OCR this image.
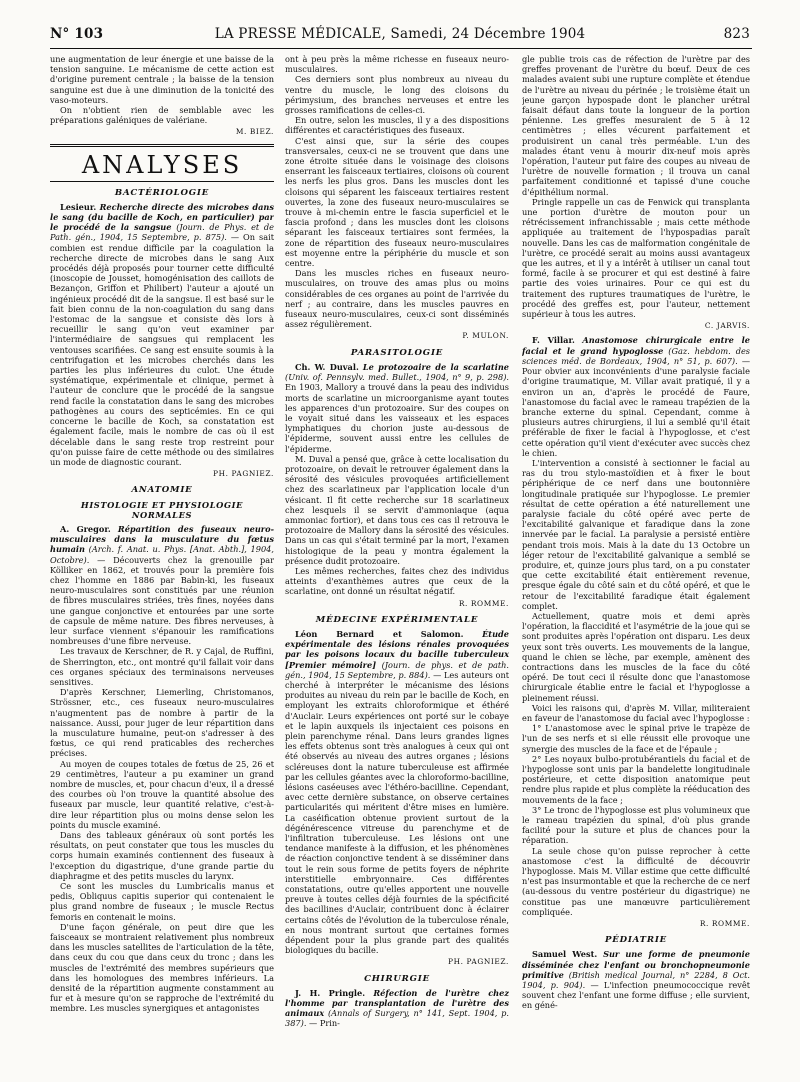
N° 103	LA PRESSE MÉDICALE, Samedi, 24 Décembre 1904	823

une augmentation de leur énergie et une baisse de la tension sanguine. Le mécanisme de cette action est d'origine purement centrale ; la baisse de la tension sanguine est due à une diminution de la tonicité des vaso-moteurs.

On n'obtient rien de semblable avec les préparations galéniques de valériane.

M. BIEZ.
ANALYSES
BACTÉRIOLOGIE

Lesieur. Recherche directe des microbes dans le sang (du bacille de Koch, en particulier) par le procédé de la sangsue (Journ. de Phys. et de Path. gén., 1904, 15 Septembre, p. 875). — On sait combien est rendue difficile par la coagulation la recherche directe de microbes dans le sang Aux procédés déjà proposés pour tourner cette difficulté (inoscopie de Jousset, homogénisation des caillots de Bezançon, Griffon et Philibert) l'auteur a ajouté un ingénieux procédé dit de la sangsue. Il est basé sur le fait bien connu de la non-coagulation du sang dans l'estomac de la sangsue et consiste dès lors à recueillir le sang qu'on veut examiner par l'intermédiaire de sangsues qui remplacent les ventouses scarifiées. Ce sang est ensuite soumis à la centrifugation et les microbes cherchés dans les parties les plus inférieures du culot. Une étude systématique, expérimentale et clinique, permet à l'auteur de conclure que le procédé de la sangsue rend facile la constatation dans le sang des microbes pathogènes au cours des septicémies. En ce qui concerne le bacille de Koch, sa constatation est également facile, mais le nombre de cas où il est décelable dans le sang reste trop restreint pour qu'on puisse faire de cette méthode ou des similaires un mode de diagnostic courant.

PH. PAGNIEZ.
ANATOMIE
HISTOLOGIE ET PHYSIOLOGIE NORMALES

A. Gregor. Répartition des fuseaux neuro-musculaires dans la musculature du fœtus humain (Arch. f. Anat. u. Phys. [Anat. Abth.], 1904, Octobre). — Découverts chez la grenouille par Kölliker en 1862, et trouvés pour la première fois chez l'homme en 1886 par Babin-ki, les fuseaux neuro-musculaires sont constitués par une réunion de fibres musculaires striées, très fines, noyées dans une gangue conjonctive et entourées par une sorte de capsule de même nature. Des fibres nerveuses, à leur surface viennent s'épanouir les ramifications nombreuses d'une fibre nerveuse.

Les travaux de Kerschner, de R. y Cajal, de Ruffini, de Sherrington, etc., ont montré qu'il fallait voir dans ces organes spéciaux des terminaisons nerveuses sensitives.

D'après Kerschner, Liemerling, Christomanos, Strössner, etc., ces fuseaux neuro-musculaires n'augmentent pas de nombre à partir de la naissance. Aussi, pour juger de leur répartition dans la musculature humaine, peut-on s'adresser à des fœtus, ce qui rend praticables des recherches précises.

Au moyen de coupes totales de fœtus de 25, 26 et 29 centimètres, l'auteur a pu examiner un grand nombre de muscles, et, pour chacun d'eux, il a dressé des courbes où l'on trouve la quantité absolue des fuseaux par muscle, leur quantité relative, c'est-à-dire leur répartition plus ou moins dense selon les points du muscle examiné.

Dans des tableaux généraux où sont portés les résultats, on peut constater que tous les muscles du corps humain examinés contiennent des fuseaux à l'exception du digastrique, d'une grande partie du diaphragme et des petits muscles du larynx.

Ce sont les muscles du Lumbricalis manus et pedis, Obliquus capitis superior qui contenaient le plus grand nombre de fuseaux ; le muscle Rectus femoris en contenait le moins.

D'une façon générale, on peut dire que les faisceaux se montraient relativement plus nombreux dans les muscles satellites de l'articulation de la tête, dans ceux du cou que dans ceux du tronc ; dans les muscles de l'extrémité des membres supérieurs que dans les homologues des membres inférieurs. La densité de la répartition augmente constamment au fur et à mesure qu'on se rapproche de l'extrémité du membre. Les muscles synergiques et antagonistes

ont à peu près la même richesse en fuseaux neuro-musculaires.

Ces derniers sont plus nombreux au niveau du ventre du muscle, le long des cloisons du périmysium, des branches nerveuses et entre les grosses ramifications de celles-ci.

En outre, selon les muscles, il y a des dispositions différentes et caractéristiques des fuseaux.

C'est ainsi que, sur la série des coupes transversales, ceux-ci ne se trouvent que dans une zone étroite située dans le voisinage des cloisons enserrant les faisceaux tertiaires, cloisons où courent les nerfs les plus gros. Dans les muscles dont les cloisons qui séparent les faisceaux tertiaires restent ouvertes, la zone des fuseaux neuro-musculaires se trouve à mi-chemin entre le fascia superficiel et le fascia profond ; dans les muscles dont les cloisons séparant les faisceaux tertiaires sont fermées, la zone de répartition des fuseaux neuro-musculaires est moyenne entre la périphérie du muscle et son centre.

Dans les muscles riches en fuseaux neuro-musculaires, on trouve des amas plus ou moins considérables de ces organes au point de l'arrivée du nerf ; au contraire, dans les muscles pauvres en fuseaux neuro-musculaires, ceux-ci sont disséminés assez régulièrement.

P. MULON.
PARASITOLOGIE

Ch. W. Duval. Le protozoaire de la scarlatine (Univ. of. Pennsylv. med. Bullet., 1904, n° 9, p. 298). En 1903, Mallory a trouvé dans la peau des individus morts de scarlatine un microorganisme ayant toutes les apparences d'un protozoaire. Sur des coupes on le voyait situé dans les vaisseaux et les espaces lymphatiques du chorion juste au-dessous de l'épiderme, souvent aussi entre les cellules de l'épiderme.

M. Duval a pensé que, grâce à cette localisation du protozoaire, on devait le retrouver également dans la sérosité des vésicules provoquées artificiellement chez des scarlatineux par l'application locale d'un vésicant. Il fit cette recherche sur 18 scarlatineux chez lesquels il se servit d'ammoniaque (aqua ammoniac fortior), et dans tous ces cas il retrouva le protozoaire de Mallory dans la sérosité des vésicules. Dans un cas qui s'était terminé par la mort, l'examen histologique de la peau y montra également la présence dudit protozoaire.

Les mêmes recherches, faites chez des individus atteints d'exanthèmes autres que ceux de la scarlatine, ont donné un résultat négatif.

R. ROMME.
MÉDECINE EXPÉRIMENTALE

Léon Bernard et Salomon. Étude expérimentale des lésions rénales provoquées par les poisons locaux du bacille tuberculeux [Premier mémoire] (Journ. de phys. et de path. gén., 1904, 15 Septembre, p. 884). — Les auteurs ont cherché à interpréter le mécanisme des lésions produites au niveau du rein par le bacille de Koch, en employant les extraits chloroformique et éthéré d'Auclair. Leurs expériences ont porté sur le cobaye et le lapin auxquels ils injectaient ces poisons en plein parenchyme rénal. Dans leurs grandes lignes les effets obtenus sont très analogues à ceux qui ont été observés au niveau des autres organes ; lésions scléreuses dont la nature tuberculeuse est affirmée par les cellules géantes avec la chloroformo-bacilline, lésions caséeuses avec l'éthéro-bacilline. Cependant, avec cette dernière substance, on observe certaines particularités qui méritent d'être mises en lumière. La caséification obtenue provient surtout de la dégénérescence vitreuse du parenchyme et de l'infiltration tuberculeuse. Les lésions ont une tendance manifeste à la diffusion, et les phénomènes de réaction conjonctive tendent à se disséminer dans tout le rein sous forme de petits foyers de néphrite interstitielle embryonnaire. Ces différentes constatations, outre qu'elles apportent une nouvelle preuve à toutes celles déjà fournies de la spécificité des bacillines d'Auclair, contribuent donc à éclairer certains côtés de l'évolution de la tuberculose rénale, en nous montrant surtout que certaines formes dépendent pour la plus grande part des qualités biologiques du bacille.

PH. PAGNIEZ.
CHIRURGIE

J. H. Pringle. Réfection de l'urètre chez l'homme par transplantation de l'urètre des animaux (Annals of Surgery, n° 141, Sept. 1904, p. 387). — Prin-

gle publie trois cas de réfection de l'urètre par des greffes provenant de l'urètre du bœuf. Deux de ces malades avaient subi une rupture complète et étendue de l'urètre au niveau du périnée ; le troisième était un jeune garçon hypospade dont le plancher urétral faisait défaut dans toute la longueur de la portion pénienne. Les greffes mesuraient de 5 à 12 centimètres ; elles vécurent parfaitement et produisirent un canal très perméable. L'un des malades étant venu à mourir dix-neuf mois après l'opération, l'auteur put faire des coupes au niveau de l'urètre de nouvelle formation ; il trouva un canal parfaitement conditionné et tapissé d'une couche d'épithélium normal.

Pringle rappelle un cas de Fenwick qui transplanta une portion d'urètre de mouton pour un rétrécissement infranchissable ; mais cette méthode appliquée au traitement de l'hypospadias paraît nouvelle. Dans les cas de malformation congénitale de l'urètre, ce procédé serait au moins aussi avantageux que les autres, et il y a intérêt à utiliser un canal tout formé, facile à se procurer et qui est destiné à faire partie des voies urinaires. Pour ce qui est du traitement des ruptures traumatiques de l'urètre, le procédé des greffes est, pour l'auteur, nettement supérieur à tous les autres.

C. JARVIS.

F. Villar. Anastomose chirurgicale entre le facial et le grand hypoglosse (Gaz. hebdom. des sciences méd. de Bordeaux, 1904, n° 51, p. 607). — Pour obvier aux inconvénients d'une paralysie faciale d'origine traumatique, M. Villar avait pratiqué, il y a environ un an, d'après le procédé de Faure, l'anastomose du facial avec le rameau trapézien de la branche externe du spinal. Cependant, comme à plusieurs autres chirurgiens, il lui a semblé qu'il était préférable de fixer le facial à l'hypoglosse, et c'est cette opération qu'il vient d'exécuter avec succès chez le chien.

L'intervention a consisté à sectionner le facial au ras du trou stylo-mastoïdien et à fixer le bout périphérique de ce nerf dans une boutonnière longitudinale pratiquée sur l'hypoglosse. Le premier résultat de cette opération a été naturellement une paralysie faciale du côté opéré avec perte de l'excitabilité galvanique et faradique dans la zone innervée par le facial. La paralysie a persisté entière pendant trois mois. Mais à la date du 13 Octobre un léger retour de l'excitabilité galvanique a semblé se produire, et, quinze jours plus tard, on a pu constater que cette excitabilité était entièrement revenue, presque égale du côté sain et du côté opéré, et que le retour de l'excitabilité faradique était également complet.

Actuellement, quatre mois et demi après l'opération, la flaccidité et l'asymétrie de la joue qui se sont produites après l'opération ont disparu. Les deux yeux sont très ouverts. Les mouvements de la langue, quand le chien se lèche, par exemple, amènent des contractions dans les muscles de la face du côté opéré. De tout ceci il résulte donc que l'anastomose chirurgicale établie entre le facial et l'hypoglosse a pleinement réussi.

Voici les raisons qui, d'après M. Villar, militeraient en faveur de l'anastomose du facial avec l'hypoglosse :

1° L'anastomose avec le spinal prive le trapèze de l'un de ses nerfs et si elle réussit elle provoque une synergie des muscles de la face et de l'épaule ;

2° Les noyaux bulbo-protubérantiels du facial et de l'hypoglosse sont unis par la bandelette longitudinale postérieure, et cette disposition anatomique peut rendre plus rapide et plus complète la rééducation des mouvements de la face ;

3° Le tronc de l'hypoglosse est plus volumineux que le rameau trapézien du spinal, d'où plus grande facilité pour la suture et plus de chances pour la réparation.

La seule chose qu'on puisse reprocher à cette anastomose c'est la difficulté de découvrir l'hypoglosse. Mais M. Villar estime que cette difficulté n'est pas insurmontable et que la recherche de ce nerf (au-dessous du ventre postérieur du digastrique) ne constitue pas une manœuvre particulièrement compliquée.

R. ROMME.
PÉDIATRIE

Samuel West. Sur une forme de pneumonie disséminée chez l'enfant ou bronchopneumonie primitive (British medical Journal, n° 2284, 8 Oct. 1904, p. 904). — L'infection pneumococcique revêt souvent chez l'enfant une forme diffuse ; elle survient, en géné-
